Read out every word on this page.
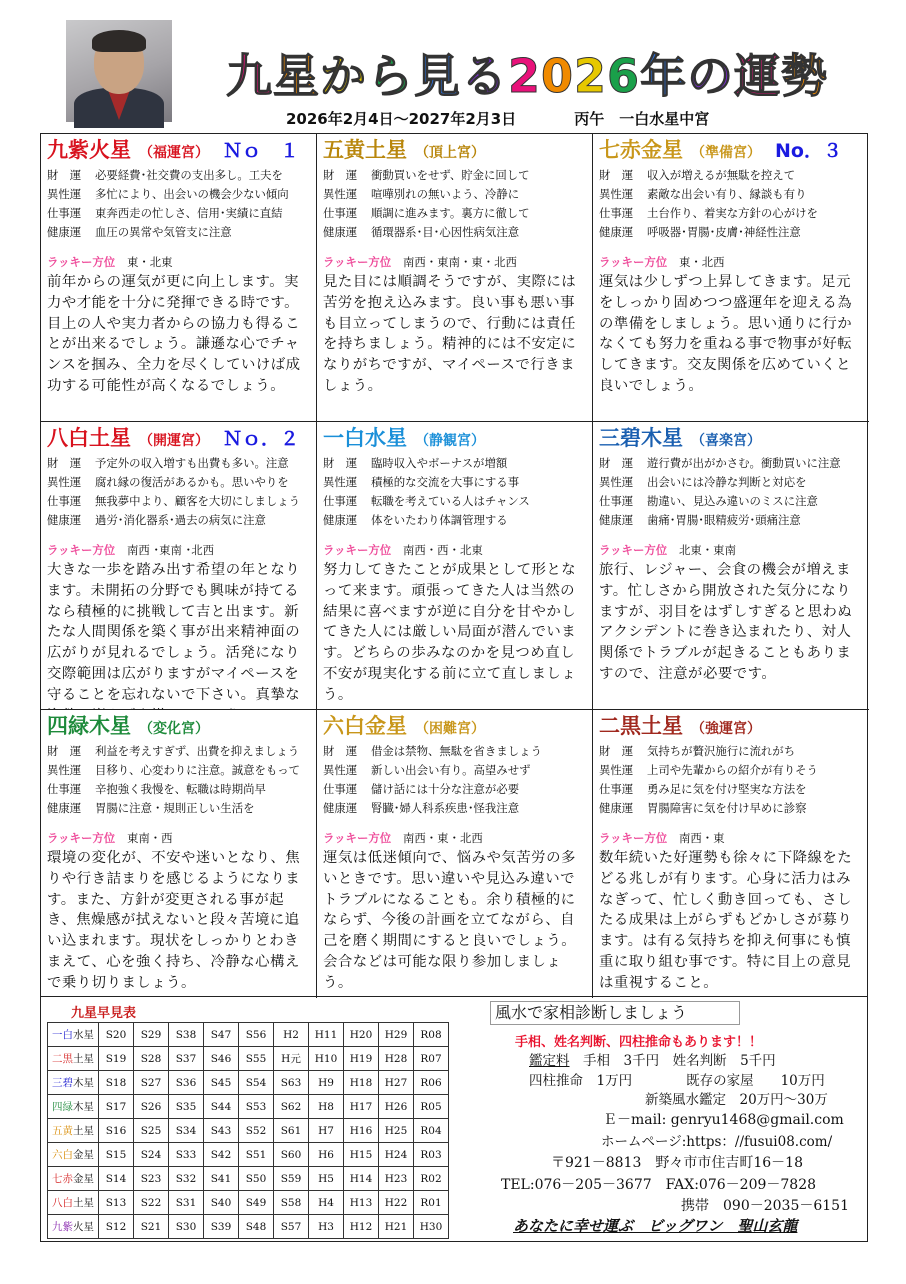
九星から見る2026年の運勢
2026年2月4日～2027年2月3日	丙午　一白水星中宮
九紫火星 （福運宮） Ｎｏ　１
財　運 必要経費･社交費の支出多し。工夫を
異性運 多忙により、出会いの機会少ない傾向
仕事運 東奔西走の忙しさ、信用･実績に直結
健康運 血圧の異常や気管支に注意
ラッキー方位 東・北東
前年からの運気が更に向上します。実力や才能を十分に発揮できる時です。目上の人や実力者からの協力も得ることが出来るでしょう。謙遜な心でチャンスを掴み、全力を尽くしていけば成功する可能性が高くなるでしょう。
五黄土星 （頂上宮）
財　運 衝動買いをせず、貯金に回して
異性運 喧嘩別れの無いよう、冷静に
仕事運 順調に進みます。裏方に徹して
健康運 循環器系･目･心因性病気注意
ラッキー方位 南西・東南・東・北西
見た目には順調そうですが、実際には苦労を抱え込みます。良い事も悪い事も目立ってしまうので、行動には責任を持ちましょう。精神的には不安定になりがちですが、マイペースで行きましょう。
七赤金星 （準備宮） No．３
財　運 収入が増えるが無駄を控えて
異性運 素敵な出会い有り、縁談も有り
仕事運 土台作り、着実な方針の心がけを
健康運 呼吸器･胃腸･皮膚･神経性注意
ラッキー方位 東・北西
運気は少しずつ上昇してきます。足元をしっかり固めつつ盛運年を迎える為の準備をしましょう。思い通りに行かなくても努力を重ねる事で物事が好転してきます。交友関係を広めていくと良いでしょう。
八白土星 （開運宮） Ｎｏ．２
財　運 予定外の収入増すも出費も多い。注意
異性運 腐れ縁の復活があるかも。思いやりを
仕事運 無我夢中より、顧客を大切にしましょう
健康運 過労･消化器系･過去の病気に注意
ラッキー方位 南西 ･東南 ･北西
大きな一歩を踏み出す希望の年となります。未開拓の分野でも興味が持てるなら積極的に挑戦して吉と出ます。新たな人間関係を築く事が出来精神面の広がりが見れるでしょう。活発になり交際範囲は広がりますがマイペースを守ることを忘れないで下さい。真摯な
一白水星 （静観宮）
財　運 臨時収入やボーナスが増額
異性運 積極的な交流を大事にする事
仕事運 転職を考えている人はチャンス
健康運 体をいたわり体調管理する
ラッキー方位 南西・西・北東
努力してきたことが成果として形となって来ます。頑張ってきた人は当然の結果に喜べますが逆に自分を甘やかしてきた人には厳しい局面が潜んでいます。どちらの歩みなのかを見つめ直し不安が現実化する前に立て直しましょう。
三碧木星 （喜楽宮）
財　運 遊行費が出がかさむ。衝動買いに注意
異性運 出会いには冷静な判断と対応を
仕事運 勘違い、見込み違いのミスに注意
健康運 歯痛･胃腸･眼精疲労･頭痛注意
ラッキー方位 北東・東南
旅行、レジャー、会食の機会が増えます。忙しさから開放された気分になりますが、羽目をはずしすぎると思わぬアクシデントに巻き込まれたり、対人関係でトラブルが起きることもありますので、注意が必要です。
四緑木星 （変化宮）
財　運 利益を考えすぎず、出費を抑えましょう
異性運 目移り、心変わりに注意。誠意をもって
仕事運 辛抱強く我慢を、転職は時期尚早
健康運 胃腸に注意・規則正しい生活を
ラッキー方位 東南・西
環境の変化が、不安や迷いとなり、焦りや行き詰まりを感じるようになります。また、方針が変更される事が起き、焦燥感が拭えないと段々苦境に追い込まれます。現状をしっかりとわきまえて、心を強く持ち、冷静な心構えで乗り切りましょう。
六白金星 （困難宮）
財　運 借金は禁物、無駄を省きましょう
異性運 新しい出会い有り。高望みせず
仕事運 儲け話には十分な注意が必要
健康運 腎臓･婦人科系疾患･怪我注意
ラッキー方位 南西・東・北西
運気は低迷傾向で、悩みや気苦労の多いときです。思い違いや見込み違いでトラブルになることも。余り積極的にならず、今後の計画を立てながら、自己を磨く期間にすると良いでしょう。会合などは可能な限り参加しましょう。
二黒土星 （強運宮）
財　運 気持ちが贅沢施行に流れがち
異性運 上司や先輩からの紹介が有りそう
仕事運 勇み足に気を付け堅実な方法を
健康運 胃腸障害に気を付け早めに診察
ラッキー方位 南西・東
数年続いた好運勢も徐々に下降線をたどる兆しが有ります。心身に活力はみなぎって、忙しく動き回っても、さしたる成果は上がらずもどかしさが募ります。は有る気持ちを抑え何事にも慎重に取り組む事です。特に目上の意見は重視すること。
九星早見表
一白水星	S20	S29	S38	S47	S56	H2	H11	H20	H29	R08
二黒土星	S19	S28	S37	S46	S55	H元	H10	H19	H28	R07
三碧木星	S18	S27	S36	S45	S54	S63	H9	H18	H27	R06
四緑木星	S17	S26	S35	S44	S53	S62	H8	H17	H26	R05
五黄土星	S16	S25	S34	S43	S52	S61	H7	H16	H25	R04
六白金星	S15	S24	S33	S42	S51	S60	H6	H15	H24	R03
七赤金星	S14	S23	S32	S41	S50	S59	H5	H14	H23	R02
八白土星	S13	S22	S31	S40	S49	S58	H4	H13	H22	R01
九紫火星	S12	S21	S30	S39	S48	S57	H3	H12	H21	H30
風水で家相診断しましょう
手相、姓名判断、四柱推命もあります！！
鑑定料　 手相　3千円　姓名判断　5千円
四柱推命　1万円　　　　既存の家屋　　10万円
新築風水鑑定　20万円～30万
Ｅ－mail: genryu1468@gmail.com
ホームページ:https：//fusui08.com/
〒921－8813　野々市市住吉町16－18
TEL:076－205－3677　FAX:076－209－7828
携帯　090－2035－6151
あなたに幸せ運ぶ　ビッグワン　聖山玄龍
